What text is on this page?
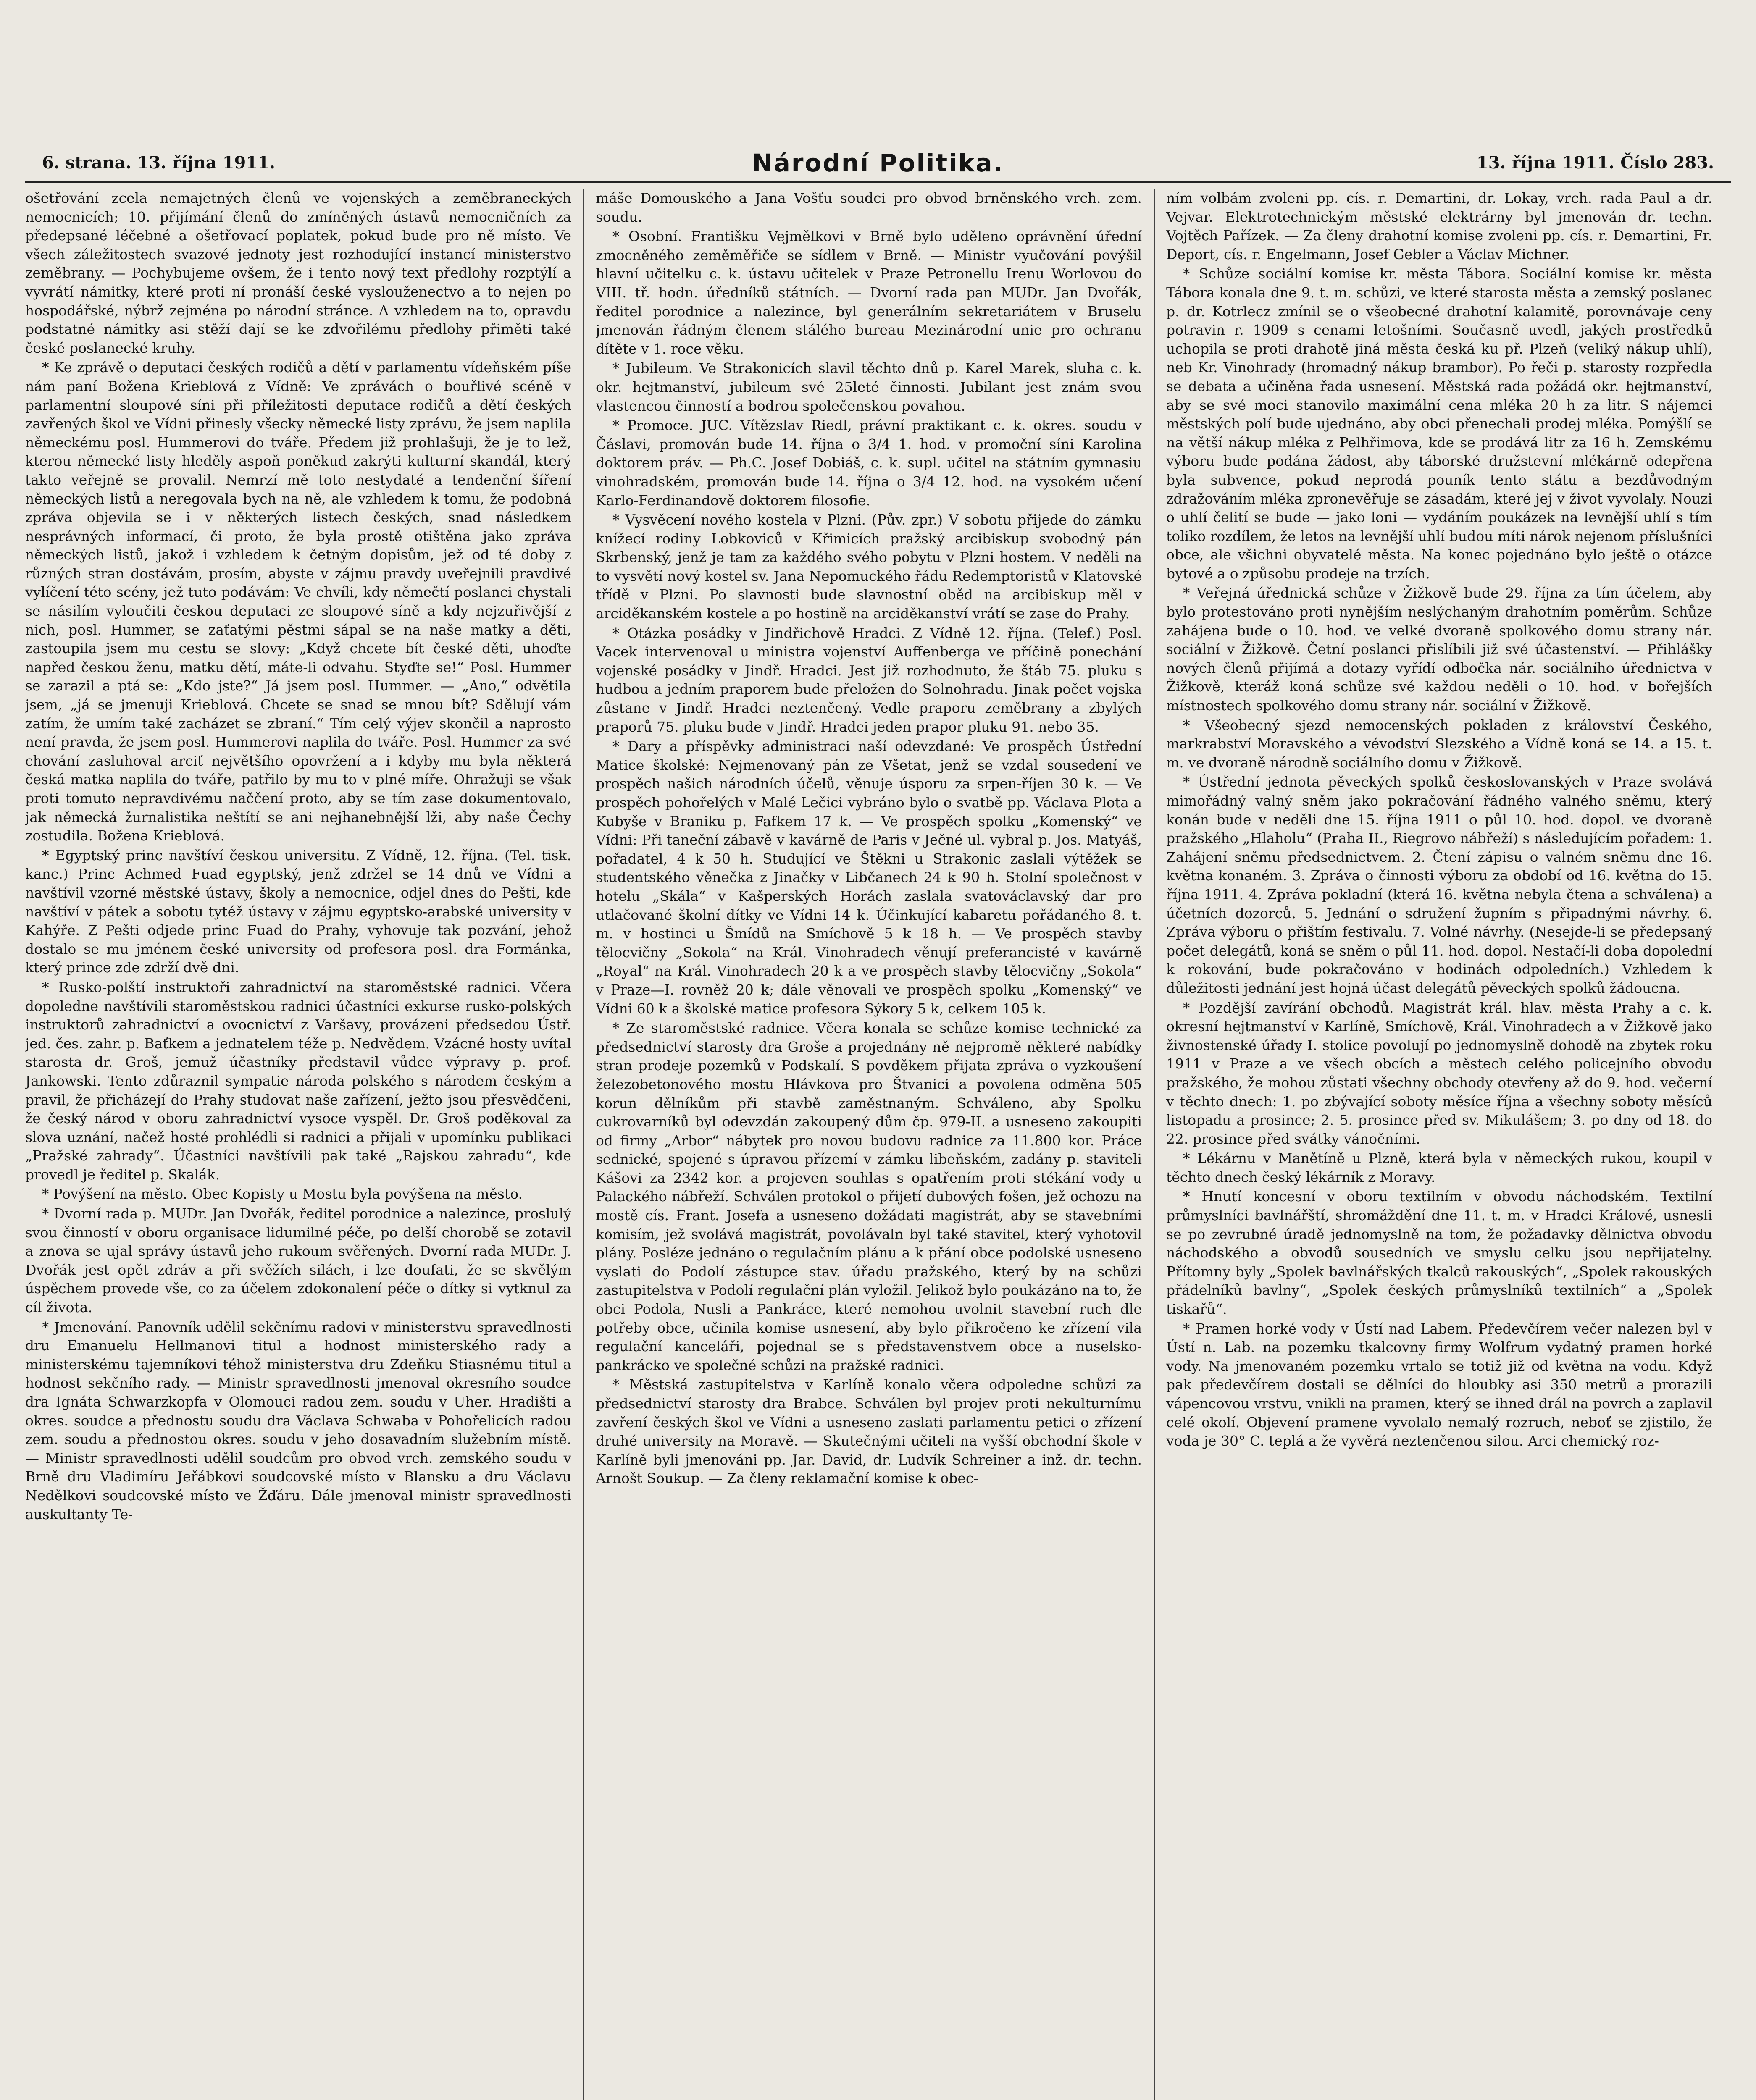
6. strana. 13. října 1911.	Národní Politika.	13. října 1911. Číslo 283.

ošetřování zcela nemajetných členů ve vojenských a zeměbraneckých nemocnicích; 10. přijímání členů do zmíněných ústavů nemocničních za předepsané léčebné a ošetřovací poplatek, pokud bude pro ně místo. Ve všech záležitostech svazové jednoty jest rozhodující instancí ministerstvo zeměbrany. — Pochybujeme ovšem, že i tento nový text předlohy rozptýlí a vyvrátí námitky, které proti ní pronáší české vyslouženectvo a to nejen po hospodářské, nýbrž zejména po národní stránce. A vzhledem na to, opravdu podstatné námitky asi stěží dají se ke zdvořilému předlohy přiměti také české poslanecké kruhy.

* Ke zprávě o deputaci českých rodičů a dětí v parlamentu vídeňském píše nám paní Božena Krieblová z Vídně: Ve zprávách o bouřlivé scéně v parlamentní sloupové síni při příležitosti deputace rodičů a dětí českých zavřených škol ve Vídni přinesly všecky německé listy zprávu, že jsem naplila německému posl. Hummerovi do tváře. Předem již prohlašuji, že je to lež, kterou německé listy hleděly aspoň poněkud zakrýti kulturní skandál, který takto veřejně se provalil. Nemrzí mě toto nestydaté a tendenční šíření německých listů a neregovala bych na ně, ale vzhledem k tomu, že podobná zpráva objevila se i v některých listech českých, snad následkem nesprávných informací, či proto, že byla prostě otištěna jako zpráva německých listů, jakož i vzhledem k četným dopisům, jež od té doby z různých stran dostávám, prosím, abyste v zájmu pravdy uveřejnili pravdivé vylíčení této scény, jež tuto podávám: Ve chvíli, kdy němečtí poslanci chystali se násilím vyloučiti českou deputaci ze sloupové síně a kdy nejzuřivější z nich, posl. Hummer, se zaťatými pěstmi sápal se na naše matky a děti, zastoupila jsem mu cestu se slovy: „Když chcete bít české děti, uhoďte napřed českou ženu, matku dětí, máte-li odvahu. Styďte se!“ Posl. Hummer se zarazil a ptá se: „Kdo jste?“ Já jsem posl. Hummer. — „Ano,“ odvětila jsem, „já se jmenuji Krieblová. Chcete se snad se mnou bít? Sdělují vám zatím, že umím také zacházet se zbraní.“ Tím celý výjev skončil a naprosto není pravda, že jsem posl. Hummerovi naplila do tváře. Posl. Hummer za své chování zasluhoval arciť největšího opovržení a i kdyby mu byla některá česká matka naplila do tváře, patřilo by mu to v plné míře. Ohražuji se však proti tomuto nepravdivému naččení proto, aby se tím zase dokumentovalo, jak německá žurnalistika neštítí se ani nejhanebnější lži, aby naše Čechy zostudila. Božena Krieblová.

* Egyptský princ navštíví českou universitu. Z Vídně, 12. října. (Tel. tisk. kanc.) Princ Achmed Fuad egyptský, jenž zdržel se 14 dnů ve Vídni a navštívil vzorné městské ústavy, školy a nemocnice, odjel dnes do Pešti, kde navštíví v pátek a sobotu tytéž ústavy v zájmu egyptsko-arabské university v Kahýře. Z Pešti odjede princ Fuad do Prahy, vyhovuje tak pozvání, jehož dostalo se mu jménem české university od profesora posl. dra Formánka, který prince zde zdrží dvě dni.

* Rusko-polští instruktoři zahradnictví na staroměstské radnici. Včera dopoledne navštívili staroměstskou radnici účastníci exkurse rusko-polských instruktorů zahradnictví a ovocnictví z Varšavy, provázeni předsedou Ústř. jed. čes. zahr. p. Baťkem a jednatelem téže p. Nedvědem. Vzácné hosty uvítal starosta dr. Groš, jemuž účastníky představil vůdce výpravy p. prof. Jankowski. Tento zdůraznil sympatie národa polského s národem českým a pravil, že přicházejí do Prahy studovat naše zařízení, ježto jsou přesvědčeni, že český národ v oboru zahradnictví vysoce vyspěl. Dr. Groš poděkoval za slova uznání, načež hosté prohlédli si radnici a přijali v upomínku publikaci „Pražské zahrady“. Účastníci navštívili pak také „Rajskou zahradu“, kde provedl je ředitel p. Skalák.

* Povýšení na město. Obec Kopisty u Mostu byla povýšena na město.

* Dvorní rada p. MUDr. Jan Dvořák, ředitel porodnice a nalezince, proslulý svou činností v oboru organisace lidumilné péče, po delší chorobě se zotavil a znova se ujal správy ústavů jeho rukoum svěřených. Dvorní rada MUDr. J. Dvořák jest opět zdráv a při svěžích silách, i lze doufati, že se skvělým úspěchem provede vše, co za účelem zdokonalení péče o dítky si vytknul za cíl života.

* Jmenování. Panovník udělil sekčnímu radovi v ministerstvu spravedlnosti dru Emanuelu Hellmanovi titul a hodnost ministerského rady a ministerskému tajemníkovi téhož ministerstva dru Zdeňku Stiasnému titul a hodnost sekčního rady. — Ministr spravedlnosti jmenoval okresního soudce dra Ignáta Schwarzkopfa v Olomouci radou zem. soudu v Uher. Hradišti a okres. soudce a přednostu soudu dra Václava Schwaba v Pohořelicích radou zem. soudu a přednostou okres. soudu v jeho dosavadním služebním místě. — Ministr spravedlnosti udělil soudcům pro obvod vrch. zemského soudu v Brně dru Vladimíru Jeřábkovi soudcovské místo v Blansku a dru Václavu Nedělkovi soudcovské místo ve Žďáru. Dále jmenoval ministr spravedlnosti auskultanty Te-

máše Domouského a Jana Vošťu soudci pro obvod brněnského vrch. zem. soudu.

* Osobní. Františku Vejmělkovi v Brně bylo uděleno oprávnění úřední zmocněného zeměměřiče se sídlem v Brně. — Ministr vyučování povýšil hlavní učitelku c. k. ústavu učitelek v Praze Petronellu Irenu Worlovou do VIII. tř. hodn. úředníků státních. — Dvorní rada pan MUDr. Jan Dvořák, ředitel porodnice a nalezince, byl generálním sekretariátem v Bruselu jmenován řádným členem stálého bureau Mezinárodní unie pro ochranu dítěte v 1. roce věku.

* Jubileum. Ve Strakonicích slavil těchto dnů p. Karel Marek, sluha c. k. okr. hejtmanství, jubileum své 25leté činnosti. Jubilant jest znám svou vlastencou činností a bodrou společenskou povahou.

* Promoce. JUC. Vítězslav Riedl, právní praktikant c. k. okres. soudu v Čáslavi, promován bude 14. října o 3/4 1. hod. v promoční síni Karolina doktorem práv. — Ph.C. Josef Dobiáš, c. k. supl. učitel na státním gymnasiu vinohradském, promován bude 14. října o 3/4 12. hod. na vysokém učení Karlo-Ferdinandově doktorem filosofie.

* Vysvěcení nového kostela v Plzni. (Pův. zpr.) V sobotu přijede do zámku knížecí rodiny Lobkoviců v Křimicích pražský arcibiskup svobodný pán Skrbenský, jenž je tam za každého svého pobytu v Plzni hostem. V neděli na to vysvětí nový kostel sv. Jana Nepomuckého řádu Redemptoristů v Klatovské třídě v Plzni. Po slavnosti bude slavnostní oběd na arcibiskup měl v arciděkanském kostele a po hostině na arciděkanství vrátí se zase do Prahy.

* Otázka posádky v Jindřichově Hradci. Z Vídně 12. října. (Telef.) Posl. Vacek intervenoval u ministra vojenství Auffenberga ve příčině ponechání vojenské posádky v Jindř. Hradci. Jest již rozhodnuto, že štáb 75. pluku s hudbou a jedním praporem bude přeložen do Solnohradu. Jinak počet vojska zůstane v Jindř. Hradci neztenčený. Vedle praporu zeměbrany a zbylých praporů 75. pluku bude v Jindř. Hradci jeden prapor pluku 91. nebo 35.

* Dary a příspěvky administraci naší odevzdané: Ve prospěch Ústřední Matice školské: Nejmenovaný pán ze Všetat, jenž se vzdal sousedení ve prospěch našich národních účelů, věnuje úsporu za srpen-říjen 30 k. — Ve prospěch pohořelých v Malé Lečici vybráno bylo o svatbě pp. Václava Plota a Kubyše v Braniku p. Fafkem 17 k. — Ve prospěch spolku „Komenský“ ve Vídni: Při taneční zábavě v kavárně de Paris v Ječné ul. vybral p. Jos. Matyáš, pořadatel, 4 k 50 h. Studující ve Štěkni u Strakonic zaslali výtěžek se studentského věnečka z Jinačky v Libčanech 24 k 90 h. Stolní společnost v hotelu „Skála“ v Kašperských Horách zaslala svatováclavský dar pro utlačované školní dítky ve Vídni 14 k. Účinkující kabaretu pořádaného 8. t. m. v hostinci u Šmídů na Smíchově 5 k 18 h. — Ve prospěch stavby tělocvičny „Sokola“ na Král. Vinohradech věnují preferancisté v kavárně „Royal“ na Král. Vinohradech 20 k a ve prospěch stavby tělocvičny „Sokola“ v Praze—I. rovněž 20 k; dále věnovali ve prospěch spolku „Komenský“ ve Vídni 60 k a školské matice profesora Sýkory 5 k, celkem 105 k.

* Ze staroměstské radnice. Včera konala se schůze komise technické za předsednictví starosty dra Groše a projednány ně nejpromě některé nabídky stran prodeje pozemků v Podskalí. S povděkem přijata zpráva o vyzkoušení železobetonového mostu Hlávkova pro Štvanici a povolena odměna 505 korun dělníkům při stavbě zaměstnaným. Schváleno, aby Spolku cukrovarníků byl odevzdán zakoupený dům čp. 979-II. a usneseno zakoupiti od firmy „Arbor“ nábytek pro novou budovu radnice za 11.800 kor. Práce sednické, spojené s úpravou přízemí v zámku libeňském, zadány p. staviteli Kášovi za 2342 kor. a projeven souhlas s opatřením proti stékání vody u Palackého nábřeží. Schválen protokol o přijetí dubových fošen, jež ochozu na mostě cís. Frant. Josefa a usneseno dožádati magistrát, aby se stavebními komisím, jež svolává magistrát, povolávaln byl také stavitel, který vyhotovil plány. Posléze jednáno o regulačním plánu a k přání obce podolské usneseno vyslati do Podolí zástupce stav. úřadu pražského, který by na schůzi zastupitelstva v Podolí regulační plán vyložil. Jelikož bylo poukázáno na to, že obci Podola, Nusli a Pankráce, které nemohou uvolnit stavební ruch dle potřeby obce, učinila komise usnesení, aby bylo přikročeno ke zřízení vila regulační kanceláři, pojednal se s představenstvem obce a nuselsko-pankrácko ve společné schůzi na pražské radnici.

* Městská zastupitelstva v Karlíně konalo včera odpoledne schůzi za předsednictví starosty dra Brabce. Schválen byl projev proti nekulturnímu zavření českých škol ve Vídni a usneseno zaslati parlamentu petici o zřízení druhé university na Moravě. — Skutečnými učiteli na vyšší obchodní škole v Karlíně byli jmenováni pp. Jar. David, dr. Ludvík Schreiner a inž. dr. techn. Arnošt Soukup. — Za členy reklamační komise k obec-

ním volbám zvoleni pp. cís. r. Demartini, dr. Lokay, vrch. rada Paul a dr. Vejvar. Elektrotechnickým městské elektrárny byl jmenován dr. techn. Vojtěch Pařízek. — Za členy drahotní komise zvoleni pp. cís. r. Demartini, Fr. Deport, cís. r. Engelmann, Josef Gebler a Václav Michner.

* Schůze sociální komise kr. města Tábora. Sociální komise kr. města Tábora konala dne 9. t. m. schůzi, ve které starosta města a zemský poslanec p. dr. Kotrlecz zmínil se o všeobecné drahotní kalamitě, porovnávaje ceny potravin r. 1909 s cenami letošními. Současně uvedl, jakých prostředků uchopila se proti drahotě jiná města česká ku př. Plzeň (veliký nákup uhlí), neb Kr. Vinohrady (hromadný nákup brambor). Po řeči p. starosty rozpředla se debata a učiněna řada usnesení. Městská rada požádá okr. hejtmanství, aby se své moci stanovilo maximální cena mléka 20 h za litr. S nájemci městských polí bude ujednáno, aby obci přenechali prodej mléka. Pomýšlí se na větší nákup mléka z Pelhřimova, kde se prodává litr za 16 h. Zemskému výboru bude podána žádost, aby táborské družstevní mlékárně odepřena byla subvence, pokud neprodá pouník tento státu a bezdůvodným zdražováním mléka zpronevěřuje se zásadám, které jej v život vyvolaly. Nouzi o uhlí čelití se bude — jako loni — vydáním poukázek na levnější uhlí s tím toliko rozdílem, že letos na levnější uhlí budou míti nárok nejenom příslušníci obce, ale všichni obyvatelé města. Na konec pojednáno bylo ještě o otázce bytové a o způsobu prodeje na trzích.

* Veřejná úřednická schůze v Žižkově bude 29. října za tím účelem, aby bylo protestováno proti nynějším neslýchaným drahotním poměrům. Schůze zahájena bude o 10. hod. ve velké dvoraně spolkového domu strany nár. sociální v Žižkově. Četní poslanci přislíbili již své účastenství. — Přihlášky nových členů přijímá a dotazy vyřídí odbočka nár. sociálního úřednictva v Žižkově, kteráž koná schůze své každou neděli o 10. hod. v bořejších místnostech spolkového domu strany nár. sociální v Žižkově.

* Všeobecný sjezd nemocenských pokladen z království Českého, markrabství Moravského a vévodství Slezského a Vídně koná se 14. a 15. t. m. ve dvoraně národně sociálního domu v Žižkově.

* Ústřední jednota pěveckých spolků českoslovanských v Praze svolává mimořádný valný sněm jako pokračování řádného valného sněmu, který konán bude v neděli dne 15. října 1911 o půl 10. hod. dopol. ve dvoraně pražského „Hlaholu“ (Praha II., Riegrovo nábřeží) s následujícím pořadem: 1. Zahájení sněmu předsednictvem. 2. Čtení zápisu o valném sněmu dne 16. května konaném. 3. Zpráva o činnosti výboru za období od 16. května do 15. října 1911. 4. Zpráva pokladní (která 16. května nebyla čtena a schválena) a účetních dozorců. 5. Jednání o sdružení župním s připadnými návrhy. 6. Zpráva výboru o přištím festivalu. 7. Volné návrhy. (Nesejde-li se předepsaný počet delegátů, koná se sněm o půl 11. hod. dopol. Nestačí-li doba dopolední k rokování, bude pokračováno v hodinách odpoledních.) Vzhledem k důležitosti jednání jest hojná účast delegátů pěveckých spolků žádoucna.

* Pozdější zavírání obchodů. Magistrát král. hlav. města Prahy a c. k. okresní hejtmanství v Karlíně, Smíchově, Král. Vinohradech a v Žižkově jako živnostenské úřady I. stolice povolují po jednomyslně dohodě na zbytek roku 1911 v Praze a ve všech obcích a městech celého policejního obvodu pražského, že mohou zůstati všechny obchody otevřeny až do 9. hod. večerní v těchto dnech: 1. po zbývající soboty měsíce října a všechny soboty měsíců listopadu a prosince; 2. 5. prosince před sv. Mikulášem; 3. po dny od 18. do 22. prosince před svátky vánočními.

* Lékárnu v Manětíně u Plzně, která byla v německých rukou, koupil v těchto dnech český lékárník z Moravy.

* Hnutí koncesní v oboru textilním v obvodu náchodském. Textilní průmyslníci bavlnářští, shromáždění dne 11. t. m. v Hradci Králové, usnesli se po zevrubné úradě jednomyslně na tom, že požadavky dělnictva obvodu náchodského a obvodů sousedních ve smyslu celku jsou nepřijatelny. Přítomny byly „Spolek bavlnářských tkalců rakouských“, „Spolek rakouských přádelníků bavlny“, „Spolek českých průmyslníků textilních“ a „Spolek tiskařů“.

* Pramen horké vody v Ústí nad Labem. Předevčírem večer nalezen byl v Ústí n. Lab. na pozemku tkalcovny firmy Wolfrum vydatný pramen horké vody. Na jmenovaném pozemku vrtalo se totiž již od května na vodu. Když pak předevčírem dostali se dělníci do hloubky asi 350 metrů a prorazili vápencovou vrstvu, vnikli na pramen, který se ihned drál na povrch a zaplavil celé okolí. Objevení pramene vyvolalo nemalý rozruch, neboť se zjistilo, že voda je 30° C. teplá a že vyvěrá neztenčenou silou. Arci chemický roz-
